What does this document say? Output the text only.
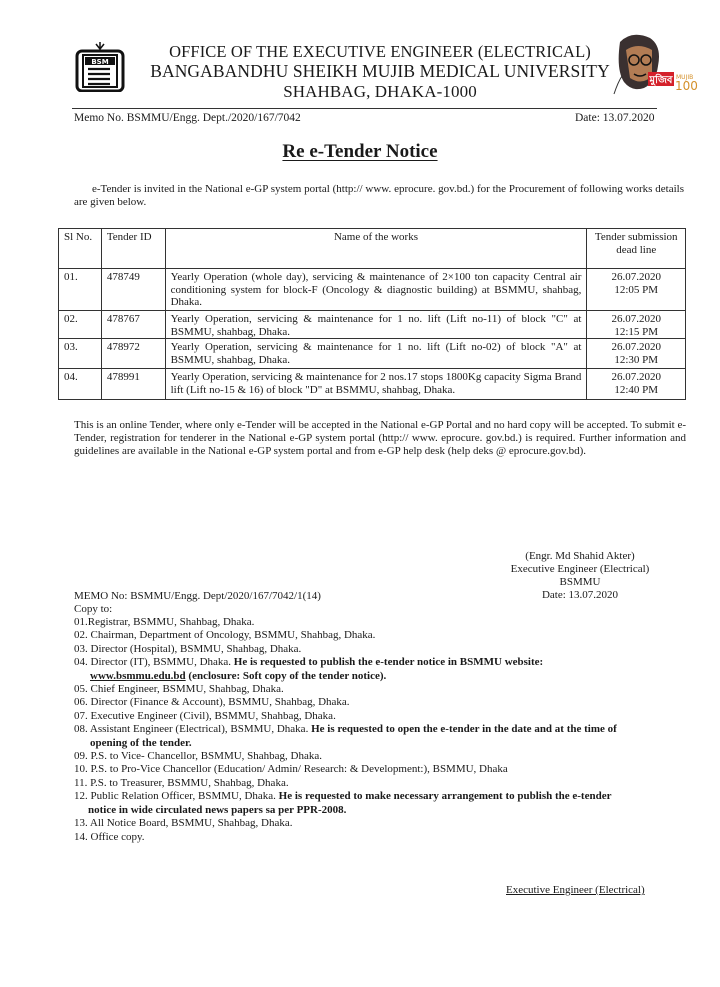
BSM
OFFICE OF THE EXECUTIVE ENGINEER (ELECTRICAL)
BANGABANDHU SHEIKH MUJIB MEDICAL UNIVERSITY
SHAHBAG, DHAKA-1000
মুজিব MUJIB
100
Memo No. BSMMU/Engg. Dept./2020/167/7042	Date: 13.07.2020
Re e-Tender Notice
e-Tender is invited in the National e-GP system portal (http:// www. eprocure. gov.bd.) for the Procurement of following works details are given below.
Sl No.	Tender ID	Name of the works	Tender submission dead line
01.	478749	Yearly Operation (whole day), servicing & maintenance of 2×100 ton capacity Central air conditioning system for block-F (Oncology & diagnostic building) at BSMMU, shahbag, Dhaka.	26.07.2020
12:05 PM

02.	478767	Yearly Operation, servicing & maintenance for 1 no. lift (Lift no-11) of block "C" at BSMMU, shahbag, Dhaka.	26.07.2020
12:15 PM

03.	478972	Yearly Operation, servicing & maintenance for 1 no. lift (Lift no-02) of block "A" at BSMMU, shahbag, Dhaka.	26.07.2020
12:30 PM

04.	478991	Yearly Operation, servicing & maintenance for 2 nos.17 stops 1800Kg capacity Sigma Brand lift (Lift no-15 & 16) of block "D" at BSMMU, shahbag, Dhaka.	26.07.2020
12:40 PM
This is an online Tender, where only e-Tender will be accepted in the National e-GP Portal and no hard copy will be accepted. To submit e-Tender, registration for tenderer in the National e-GP system portal (http:// www. eprocure. gov.bd.) is required. Further information and guidelines are available in the National e-GP system portal and from e-GP help desk (help deks @ eprocure.gov.bd).
(Engr. Md Shahid Akter)
Executive Engineer (Electrical)
BSMMU
Date: 13.07.2020
MEMO No: BSMMU/Engg. Dept/2020/167/7042/1(14)
Copy to:
01.Registrar, BSMMU, Shahbag, Dhaka.
02. Chairman, Department of Oncology, BSMMU, Shahbag, Dhaka.
03. Director (Hospital), BSMMU, Shahbag, Dhaka.
04. Director (IT), BSMMU, Dhaka. He is requested to publish the e-tender notice in BSMMU website:
www.bsmmu.edu.bd (enclosure: Soft copy of the tender notice).
05. Chief Engineer, BSMMU, Shahbag, Dhaka.
06. Director (Finance & Account), BSMMU, Shahbag, Dhaka.
07. Executive Engineer (Civil), BSMMU, Shahbag, Dhaka.
08. Assistant Engineer (Electrical), BSMMU, Dhaka. He is requested to open the e-tender in the date and at the time of
opening of the tender.
09. P.S. to Vice- Chancellor, BSMMU, Shahbag, Dhaka.
10. P.S. to Pro-Vice Chancellor (Education/ Admin/ Research: & Development:), BSMMU, Dhaka
11. P.S. to Treasurer, BSMMU, Shahbag, Dhaka.
12. Public Relation Officer, BSMMU, Dhaka. He is requested to make necessary arrangement to publish the e-tender
notice in wide circulated news papers sa per PPR-2008.
13. All Notice Board, BSMMU, Shahbag, Dhaka.
14. Office copy.
Executive Engineer (Electrical)
